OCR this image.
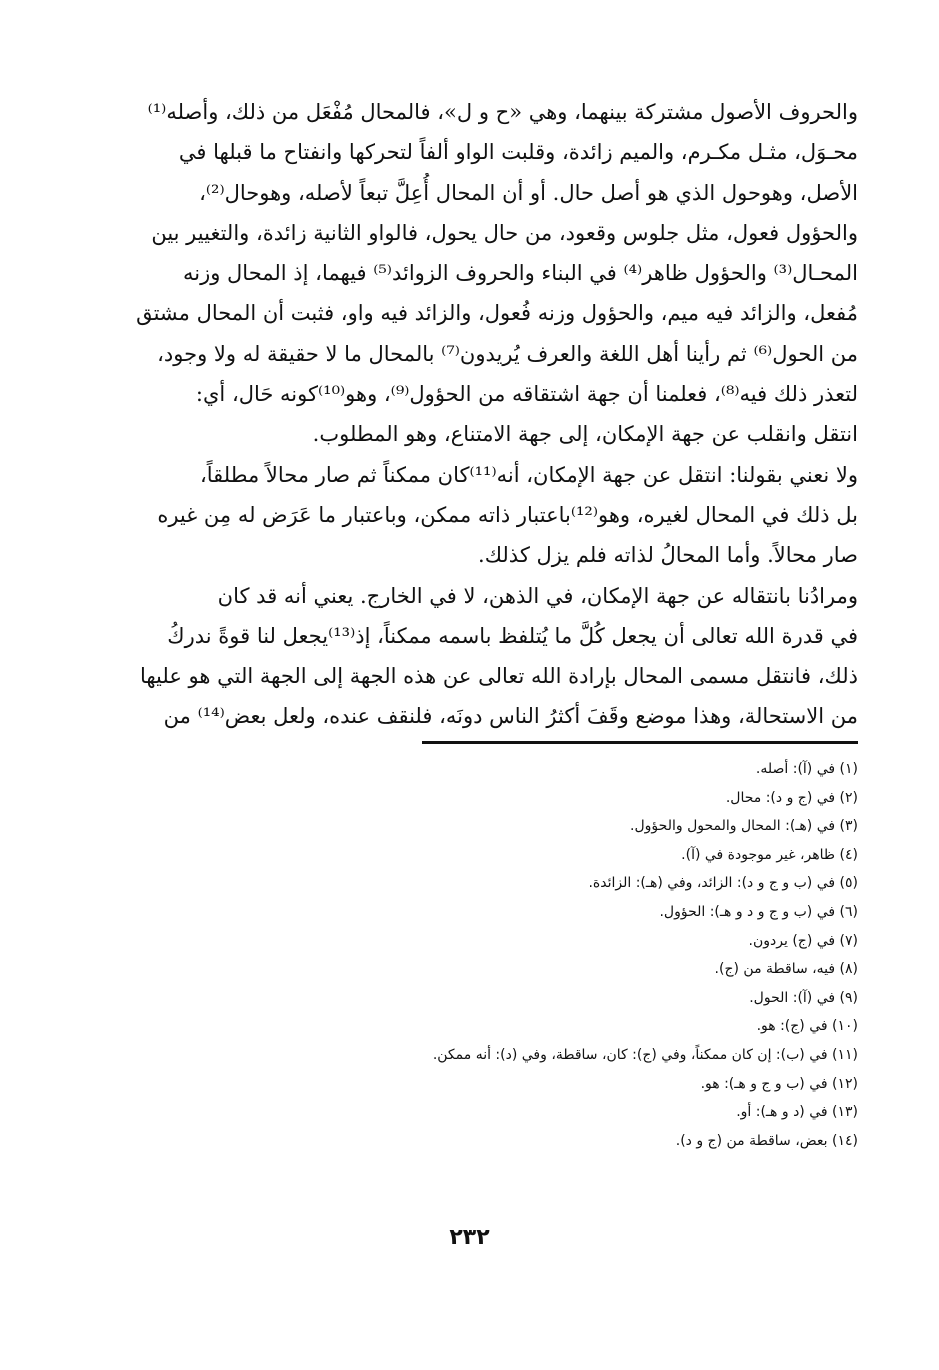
والحروف الأصول مشتركة بينهما، وهي «ح و ل»، فالمحال مُفْعَل من ذلك، وأصله⁽¹⁾
محـوَل، مثـل مكـرم، والميم زائدة، وقلبت الواو ألفاً لتحركها وانفتاح ما قبلها في
الأصل، وهوحول الذي هو أصل حال. أو أن المحال أُعِلَّ تبعاً لأصله، وهوحال⁽²⁾،
والحؤول فعول، مثل جلوس وقعود، من حال يحول، فالواو الثانية زائدة، والتغيير بين
المحـال⁽³⁾ والحؤول ظاهر⁽⁴⁾ في البناء والحروف الزوائد⁽⁵⁾ فيهما، إذ المحال وزنه
مُفعل، والزائد فيه ميم، والحؤول وزنه فُعول، والزائد فيه واو، فثبت أن المحال مشتق
من الحول⁽⁶⁾ ثم رأينا أهل اللغة والعرف يُريدون⁽⁷⁾ بالمحال ما لا حقيقة له ولا وجود،
لتعذر ذلك فيه⁽⁸⁾، فعلمنا أن جهة اشتقاقه من الحؤول⁽⁹⁾، وهو⁽¹⁰⁾كونه حَال، أي:
انتقل وانقلب عن جهة الإمكان، إلى جهة الامتناع، وهو المطلوب.
ولا نعني بقولنا: انتقل عن جهة الإمكان، أنه⁽¹¹⁾كان ممكناً ثم صار محالاً مطلقاً،
بل ذلك في المحال لغيره، وهو⁽¹²⁾باعتبار ذاته ممكن، وباعتبار ما عَرَض له مِن غيره
صار محالاً. وأما المحالُ لذاته فلم يزل كذلك.
ومرادُنا بانتقاله عن جهة الإمكان، في الذهن، لا في الخارج. يعني أنه قد كان
في قدرة الله تعالى أن يجعل كُلَّ ما يُتلفظ باسمه ممكناً، إذ⁽¹³⁾يجعل لنا قوةً ندركُ
ذلك، فانتقل مسمى المحال بإرادة الله تعالى عن هذه الجهة إلى الجهة التي هو عليها
من الاستحالة، وهذا موضع وقَفَ أكثرُ الناس دونَه، فلنقف عنده، ولعل بعض⁽¹⁴⁾ من
(١) في (آ): أصله.
(٢) في (ج و د): محال.
(٣) في (هـ): المحال والمحول والحؤول.
(٤) ظاهر، غير موجودة في (آ).
(٥) في (ب و ج و د): الزائد، وفي (هـ): الزائدة.
(٦) في (ب و ج و د و هـ): الحؤول.
(٧) في (ج) يردون.
(٨) فيه، ساقطة من (ج).
(٩) في (آ): الحول.
(١٠) في (ج): هو.
(١١) في (ب): إن كان ممكناً، وفي (ج): كان، ساقطة، وفي (د): أنه ممكن.
(١٢) في (ب و ج و هـ): هو.
(١٣) في (د و هـ): أو.
(١٤) بعض، ساقطة من (ج و د).
٢٣٢
